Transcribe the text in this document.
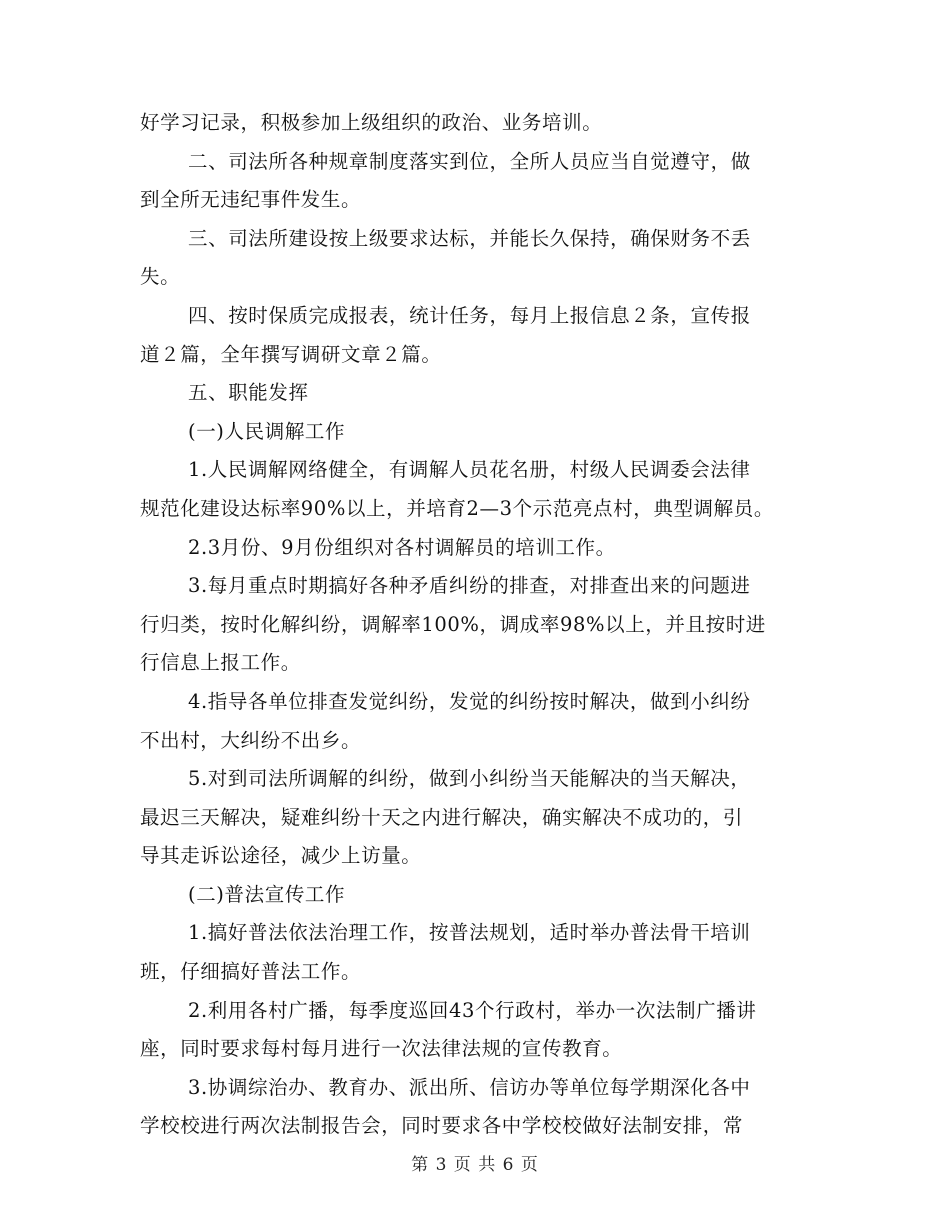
好学习记录，积极参加上级组织的政治、业务培训。
二、司法所各种规章制度落实到位，全所人员应当自觉遵守，做
到全所无违纪事件发生。
三、司法所建设按上级要求达标，并能长久保持，确保财务不丢
失。
四、按时保质完成报表，统计任务，每月上报信息２条，宣传报
道２篇，全年撰写调研文章２篇。
五、职能发挥
(一)人民调解工作
1.人民调解网络健全，有调解人员花名册，村级人民调委会法律
规范化建设达标率90%以上，并培育2—3个示范亮点村，典型调解员。
2.3月份、9月份组织对各村调解员的培训工作。
3.每月重点时期搞好各种矛盾纠纷的排查，对排查出来的问题进
行归类，按时化解纠纷，调解率100%，调成率98%以上，并且按时进
行信息上报工作。
4.指导各单位排查发觉纠纷，发觉的纠纷按时解决，做到小纠纷
不出村，大纠纷不出乡。
5.对到司法所调解的纠纷，做到小纠纷当天能解决的当天解决，
最迟三天解决，疑难纠纷十天之内进行解决，确实解决不成功的，引
导其走诉讼途径，减少上访量。
(二)普法宣传工作
1.搞好普法依法治理工作，按普法规划，适时举办普法骨干培训
班，仔细搞好普法工作。
2.利用各村广播，每季度巡回43个行政村，举办一次法制广播讲
座，同时要求每村每月进行一次法律法规的宣传教育。
3.协调综治办、教育办、派出所、信访办等单位每学期深化各中
学校校进行两次法制报告会，同时要求各中学校校做好法制安排，常
第 3 页 共 6 页
